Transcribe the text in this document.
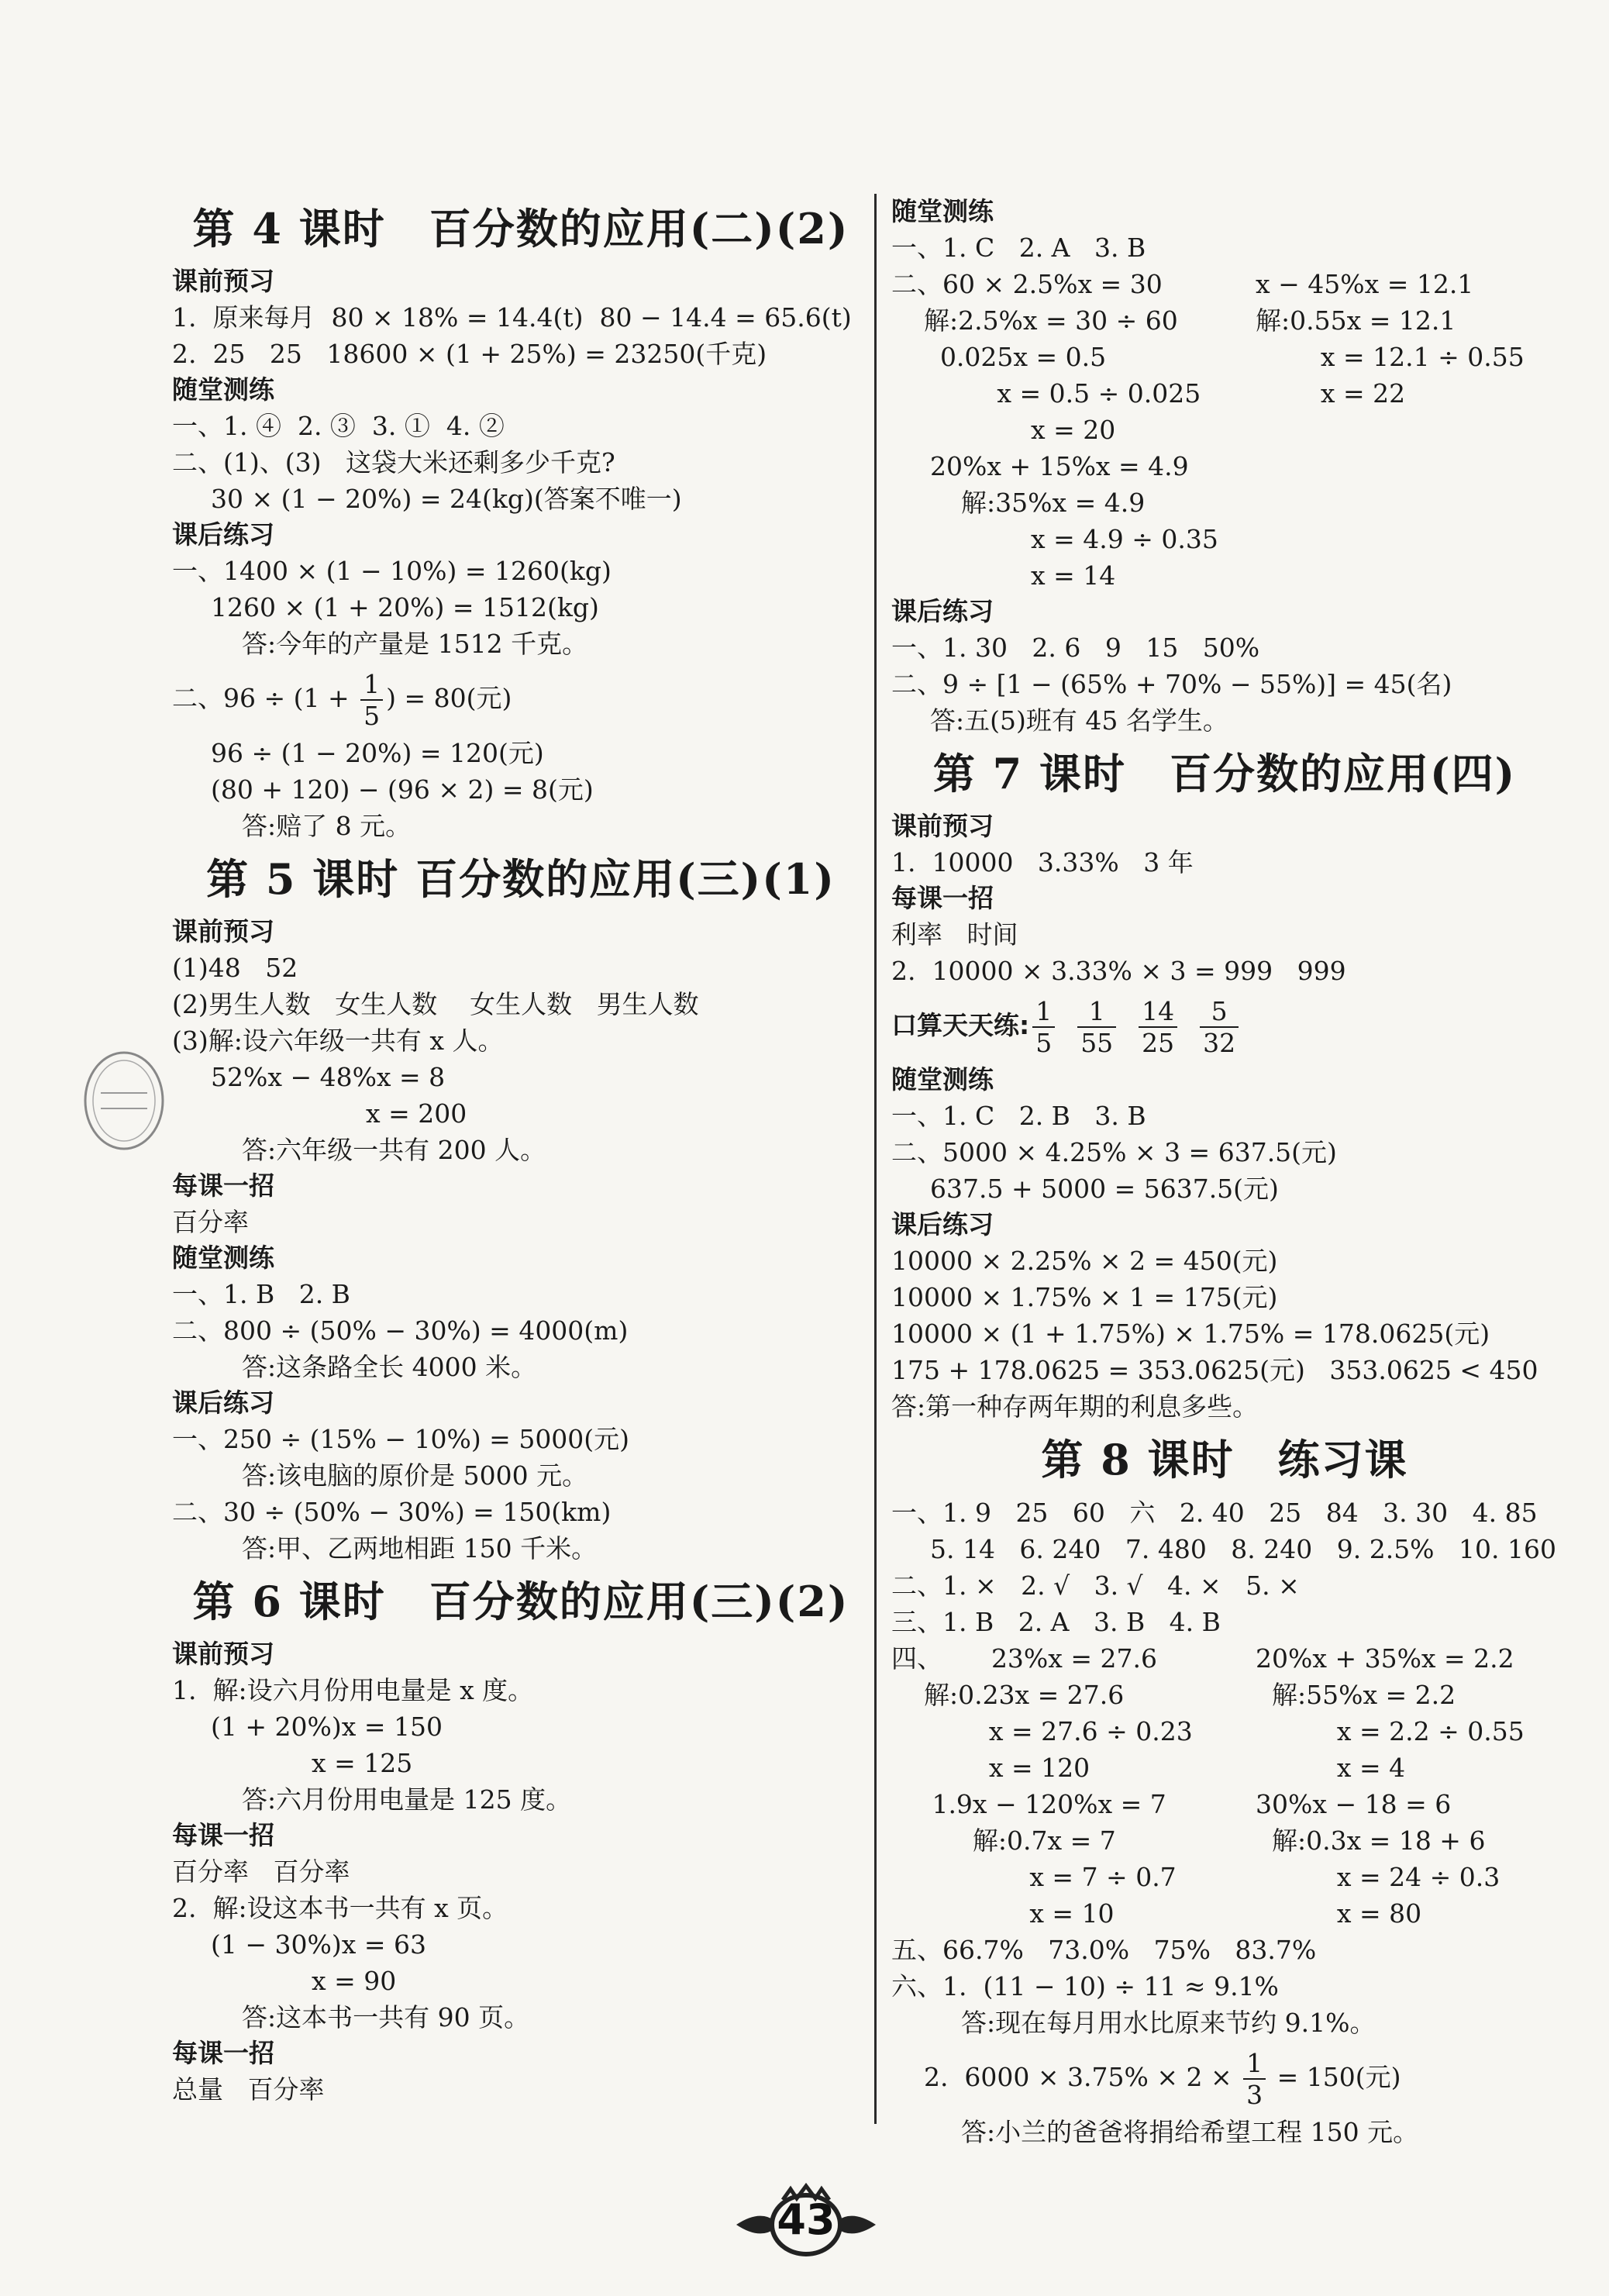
第 4 课时　百分数的应用(二)(2)
课前预习
1.  原来每月  80 × 18% = 14.4(t)  80 − 14.4 = 65.6(t)
2.  25   25   18600 × (1 + 25%) = 23250(千克)
随堂测练
一、1. ④  2. ③  3. ①  4. ②
二、(1)、(3)   这袋大米还剩多少千克?
30 × (1 − 20%) = 24(kg)(答案不唯一)
课后练习
一、1400 × (1 − 10%) = 1260(kg)
1260 × (1 + 20%) = 1512(kg)
答:今年的产量是 1512 千克。
二、$96 \div (1 + \frac{1}{5}$ ) = 80(元)
96 ÷ (1 − 20%) = 120(元)
(80 + 120) − (96 × 2) = 8(元)
答:赔了 8 元。
第 5 课时 百分数的应用(三)(1)
课前预习
(1)48   52
(2)男生人数   女生人数    女生人数   男生人数
(3)解:设六年级一共有 x 人。
52%x − 48%x = 8
x = 200
答:六年级一共有 200 人。
每课一招
百分率
随堂测练
一、1. B   2. B
二、800 ÷ (50% − 30%) = 4000(m)
答:这条路全长 4000 米。
课后练习
一、250 ÷ (15% − 10%) = 5000(元)
答:该电脑的原价是 5000 元。
二、30 ÷ (50% − 30%) = 150(km)
答:甲、乙两地相距 150 千米。
第 6 课时　百分数的应用(三)(2)
课前预习
1.  解:设六月份用电量是 x 度。
(1 + 20%)x = 150
x = 125
答:六月份用电量是 125 度。
每课一招
百分率   百分率
2.  解:设这本书一共有 x 页。
(1 − 30%)x = 63
x = 90
答:这本书一共有 90 页。
每课一招
总量   百分率
随堂测练
一、1. C   2. A   3. B
二、60 × 2.5%x = 30	x − 45%x = 12.1
解:2.5%x = 30 ÷ 60	解:0.55x = 12.1
0.025x = 0.5	x = 12.1 ÷ 0.55
x = 0.5 ÷ 0.025	x = 22
x = 20
20%x + 15%x = 4.9
解:35%x = 4.9
x = 4.9 ÷ 0.35
x = 14
课后练习
一、1. 30   2. 6   9   15   50%
二、9 ÷ [1 − (65% + 70% − 55%)] = 45(名)
答:五(5)班有 45 名学生。
第 7 课时　百分数的应用(四)
课前预习
1.  10000   3.33%   3 年
每课一招
利率   时间
2.  10000 × 3.33% × 3 = 999   999
口算天天练: $\frac{1}{5}$
$\frac{1}{55}$
$\frac{14}{25}$
$\frac{5}{32}$

随堂测练
一、1. C   2. B   3. B
二、5000 × 4.25% × 3 = 637.5(元)
637.5 + 5000 = 5637.5(元)
课后练习
10000 × 2.25% × 2 = 450(元)
10000 × 1.75% × 1 = 175(元)
10000 × (1 + 1.75%) × 1.75% = 178.0625(元)
175 + 178.0625 = 353.0625(元)   353.0625 < 450
答:第一种存两年期的利息多些。
第 8 课时　练习课
一、1. 9   25   60   六   2. 40   25   84   3. 30   4. 85
5. 14   6. 240   7. 480   8. 240   9. 2.5%   10. 160
二、1. ×   2. √   3. √   4. ×   5. ×
三、1. B   2. A   3. B   4. B
四、      23%x = 27.6	20%x + 35%x = 2.2
解:0.23x = 27.6	解:55%x = 2.2
x = 27.6 ÷ 0.23	x = 2.2 ÷ 0.55
x = 120	x = 4
1.9x − 120%x = 7	30%x − 18 = 6
解:0.7x = 7	解:0.3x = 18 + 6
x = 7 ÷ 0.7	x = 24 ÷ 0.3
x = 10	x = 80
五、66.7%   73.0%   75%   83.7%
六、1.  (11 − 10) ÷ 11 ≈ 9.1%
答:现在每月用水比原来节约 9.1%。
2.  $6000 \times 3.75\% \times 2 \times \frac{1}{3} = 150$(元)
答:小兰的爸爸将捐给希望工程 150 元。
43
